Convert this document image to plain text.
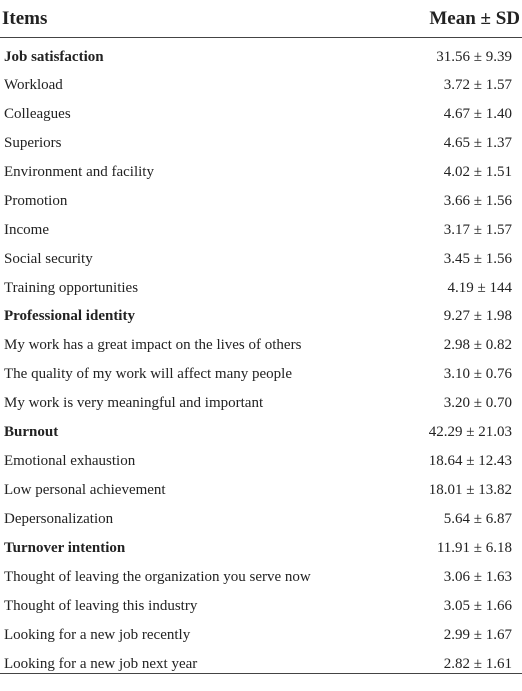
Items	Mean ± SD
Job satisfaction	31.56 ± 9.39
Workload	3.72 ± 1.57
Colleagues	4.67 ± 1.40
Superiors	4.65 ± 1.37
Environment and facility	4.02 ± 1.51
Promotion	3.66 ± 1.56
Income	3.17 ± 1.57
Social security	3.45 ± 1.56
Training opportunities	4.19 ± 144
Professional identity	9.27 ± 1.98
My work has a great impact on the lives of others	2.98 ± 0.82
The quality of my work will affect many people	3.10 ± 0.76
My work is very meaningful and important	3.20 ± 0.70
Burnout	42.29 ± 21.03
Emotional exhaustion	18.64 ± 12.43
Low personal achievement	18.01 ± 13.82
Depersonalization	5.64 ± 6.87
Turnover intention	11.91 ± 6.18
Thought of leaving the organization you serve now	3.06 ± 1.63
Thought of leaving this industry	3.05 ± 1.66
Looking for a new job recently	2.99 ± 1.67
Looking for a new job next year	2.82 ± 1.61
